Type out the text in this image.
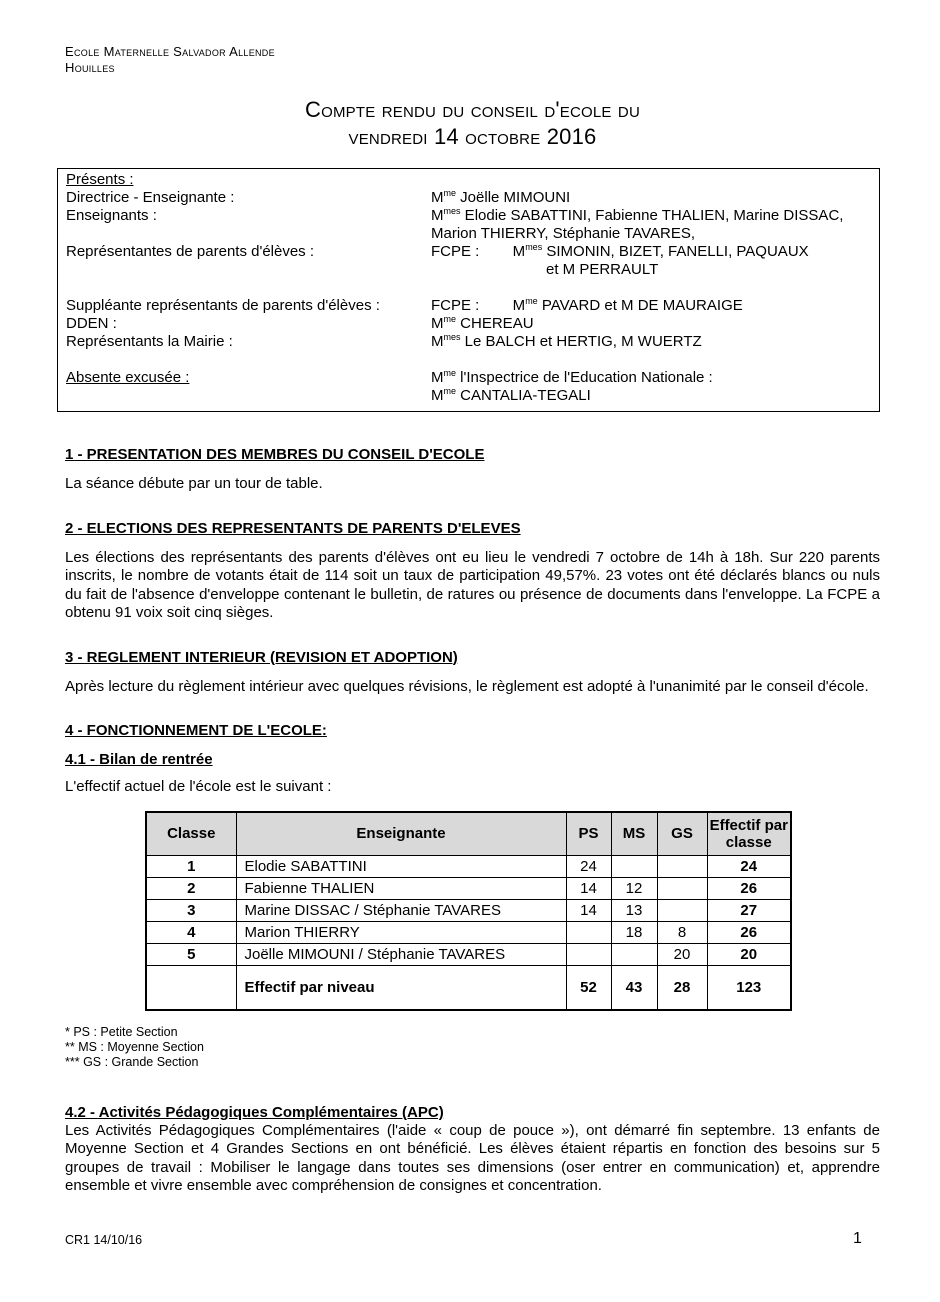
Ecole Maternelle Salvador Allende
Houilles
Compte rendu du conseil d'ecole du
vendredi 14 octobre 2016
Présents :
Directrice - Enseignante :	$M^{me}$ Joëlle MIMOUNI
Enseignants :	$M^{mes}$ Elodie SABATTINI, Fabienne THALIEN, Marine DISSAC,
Marion THIERRY, Stéphanie TAVARES,
Représentantes de parents d'élèves :	FCPE :        $M^{mes}$ SIMONIN, BIZET, FANELLI, PAQUAUX
et M PERRAULT
Suppléante représentants de parents d'élèves :	FCPE :        $M^{me}$ PAVARD et M DE MAURAIGE
DDEN :	$M^{me}$ CHEREAU
Représentants la Mairie :	$M^{mes}$ Le BALCH et HERTIG, M WUERTZ
Absente excusée :	$M^{me}$ l'Inspectrice de l'Education Nationale :
$M^{me}$ CANTALIA-TEGALI
1 - PRESENTATION DES MEMBRES DU CONSEIL D'ECOLE
La séance débute par un tour de table.
2 - ELECTIONS DES REPRESENTANTS DE PARENTS D'ELEVES
Les élections des représentants des parents d'élèves ont eu lieu le vendredi 7 octobre de 14h à 18h. Sur 220 parents inscrits, le nombre de votants était de 114 soit un taux de participation 49,57%. 23 votes ont été déclarés blancs ou nuls du fait de l'absence d'enveloppe contenant le bulletin, de ratures ou présence de documents dans l'enveloppe. La FCPE a obtenu 91 voix soit cinq sièges.
3 - REGLEMENT INTERIEUR (REVISION ET ADOPTION)
Après lecture du règlement intérieur avec quelques révisions, le règlement est adopté à l'unanimité par le conseil d'école.
4 - FONCTIONNEMENT DE L'ECOLE:
4.1 - Bilan de rentrée
L'effectif actuel de l'école est le suivant :
Classe	Enseignante	PS	MS	GS	Effectif par classe
1	Elodie SABATTINI	24			24
2	Fabienne THALIEN	14	12		26
3	Marine DISSAC / Stéphanie TAVARES	14	13		27
4	Marion THIERRY		18	8	26
5	Joëlle MIMOUNI / Stéphanie TAVARES			20	20
	Effectif par niveau	52	43	28	123
* PS : Petite Section
** MS : Moyenne Section
*** GS : Grande Section
4.2 - Activités Pédagogiques Complémentaires (APC)
Les Activités Pédagogiques Complémentaires (l'aide « coup de pouce »), ont démarré fin septembre. 13 enfants de Moyenne Section et 4 Grandes Sections en ont bénéficié. Les élèves étaient répartis en fonction des besoins sur 5 groupes de travail : Mobiliser le langage dans toutes ses dimensions (oser entrer en communication) et, apprendre ensemble et vivre ensemble avec compréhension de consignes et concentration.
CR1 14/10/16	1
